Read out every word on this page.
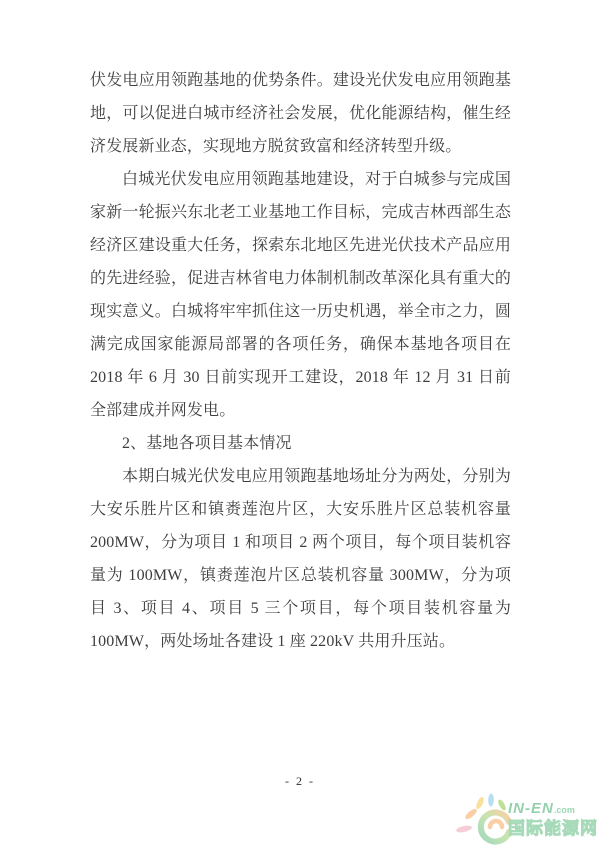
伏发电应用领跑基地的优势条件。建设光伏发电应用领跑基地，可以促进白城市经济社会发展，优化能源结构，催生经济发展新业态，实现地方脱贫致富和经济转型升级。
白城光伏发电应用领跑基地建设，对于白城参与完成国家新一轮振兴东北老工业基地工作目标，完成吉林西部生态经济区建设重大任务，探索东北地区先进光伏技术产品应用的先进经验，促进吉林省电力体制机制改革深化具有重大的现实意义。白城将牢牢抓住这一历史机遇，举全市之力，圆满完成国家能源局部署的各项任务，确保本基地各项目在 2018 年 6 月 30 日前实现开工建设，2018 年 12 月 31 日前全部建成并网发电。
2、基地各项目基本情况
本期白城光伏发电应用领跑基地场址分为两处，分别为大安乐胜片区和镇赉莲泡片区，大安乐胜片区总装机容量 200MW，分为项目 1 和项目 2 两个项目，每个项目装机容量为 100MW，镇赉莲泡片区总装机容量 300MW，分为项目 3、项目 4、项目 5 三个项目，每个项目装机容量为 100MW，两处场址各建设 1 座 220kV 共用升压站。
- 2 -
IN-EN.com
国际能源网
